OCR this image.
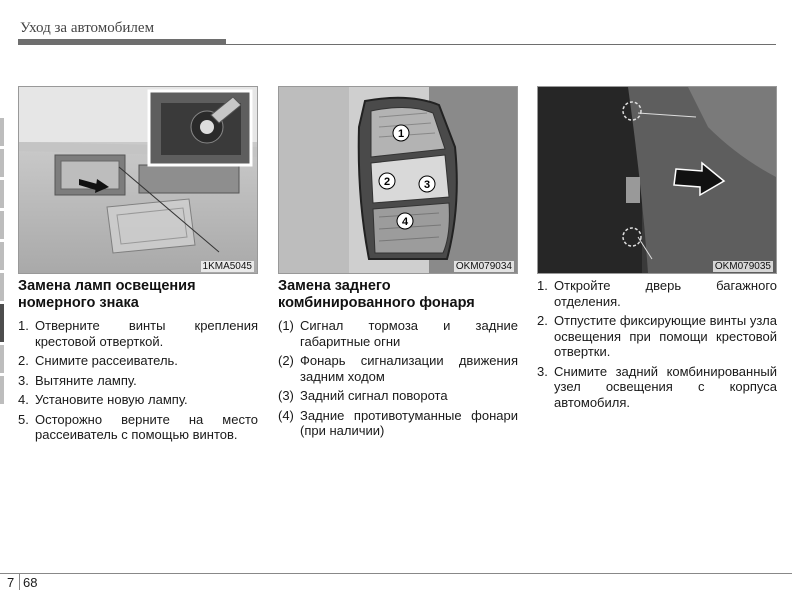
Уход за автомобилем
1KMA5045
1
2	3
4
OKM079034	OKM079035
Замена ламп освещения
номерного знака
1. Отверните винты крепления крестовой отверткой.
2. Снимите рассеиватель.
3. Вытяните лампу.
4. Установите новую лампу.
5. Осторожно верните на место рассеиватель с помощью винтов.
Замена заднего
комбинированного фонаря
(1) Сигнал тормоза и задние габаритные огни
(2) Фонарь сигнализации движения задним ходом
(3) Задний сигнал поворота
(4) Задние противотуманные фонари (при наличии)
1. Откройте дверь багажного отделения.
2. Отпустите фиксирующие винты узла освещения при помощи крестовой отвертки.
3. Снимите задний комбинированный узел освещения с корпуса автомобиля.
7 68
